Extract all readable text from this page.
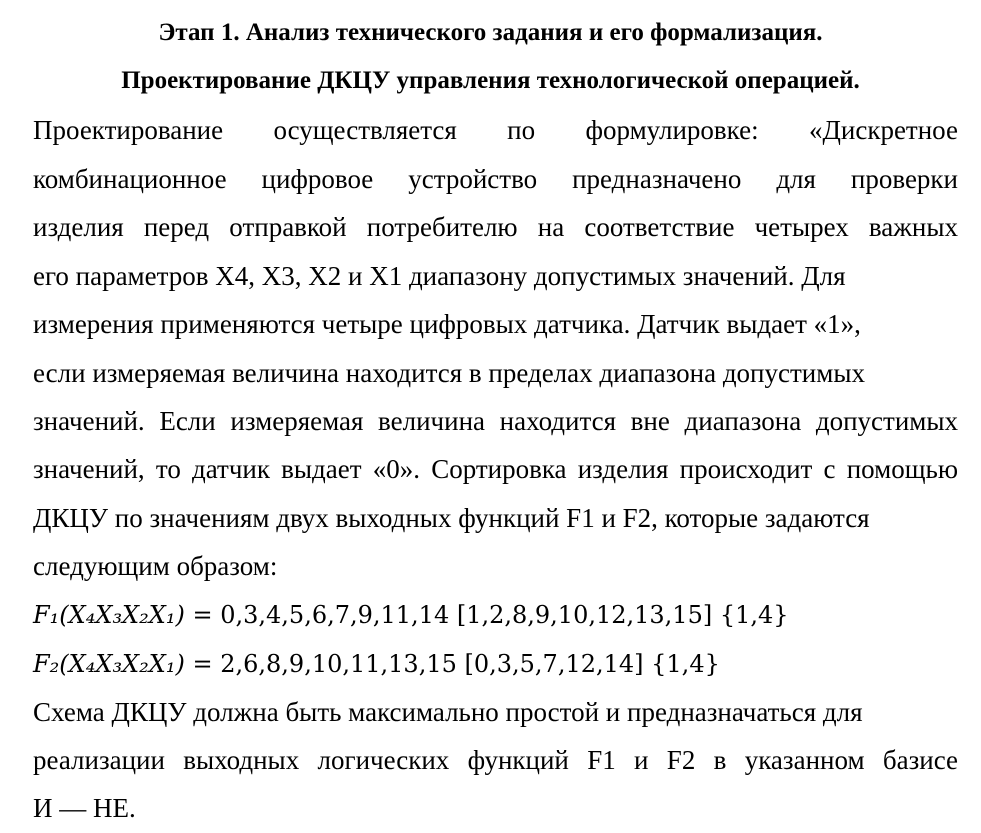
Этап 1. Анализ технического задания и его формализация.
Проектирование ДКЦУ управления технологической операцией.
Проектирование осуществляется по формулировке: «Дискретное
комбинационное цифровое устройство предназначено для проверки
изделия перед отправкой потребителю на соответствие четырех важных
его параметров X4, X3, X2 и X1 диапазону допустимых значений. Для
измерения применяются четыре цифровых датчика. Датчик выдает «1»,
если измеряемая величина находится в пределах диапазона допустимых
значений. Если измеряемая величина находится вне диапазона допустимых
значений, то датчик выдает «0». Сортировка изделия происходит с помощью
ДКЦУ по значениям двух выходных функций F1 и F2, которые задаются
следующим образом:
F₁(X₄X₃X₂X₁) = 0,3,4,5,6,7,9,11,14 [1,2,8,9,10,12,13,15] {1,4}
F₂(X₄X₃X₂X₁) = 2,6,8,9,10,11,13,15 [0,3,5,7,12,14] {1,4}
Схема ДКЦУ должна быть максимально простой и предназначаться для
реализации выходных логических функций F1 и F2 в указанном базисе
И — НЕ.
